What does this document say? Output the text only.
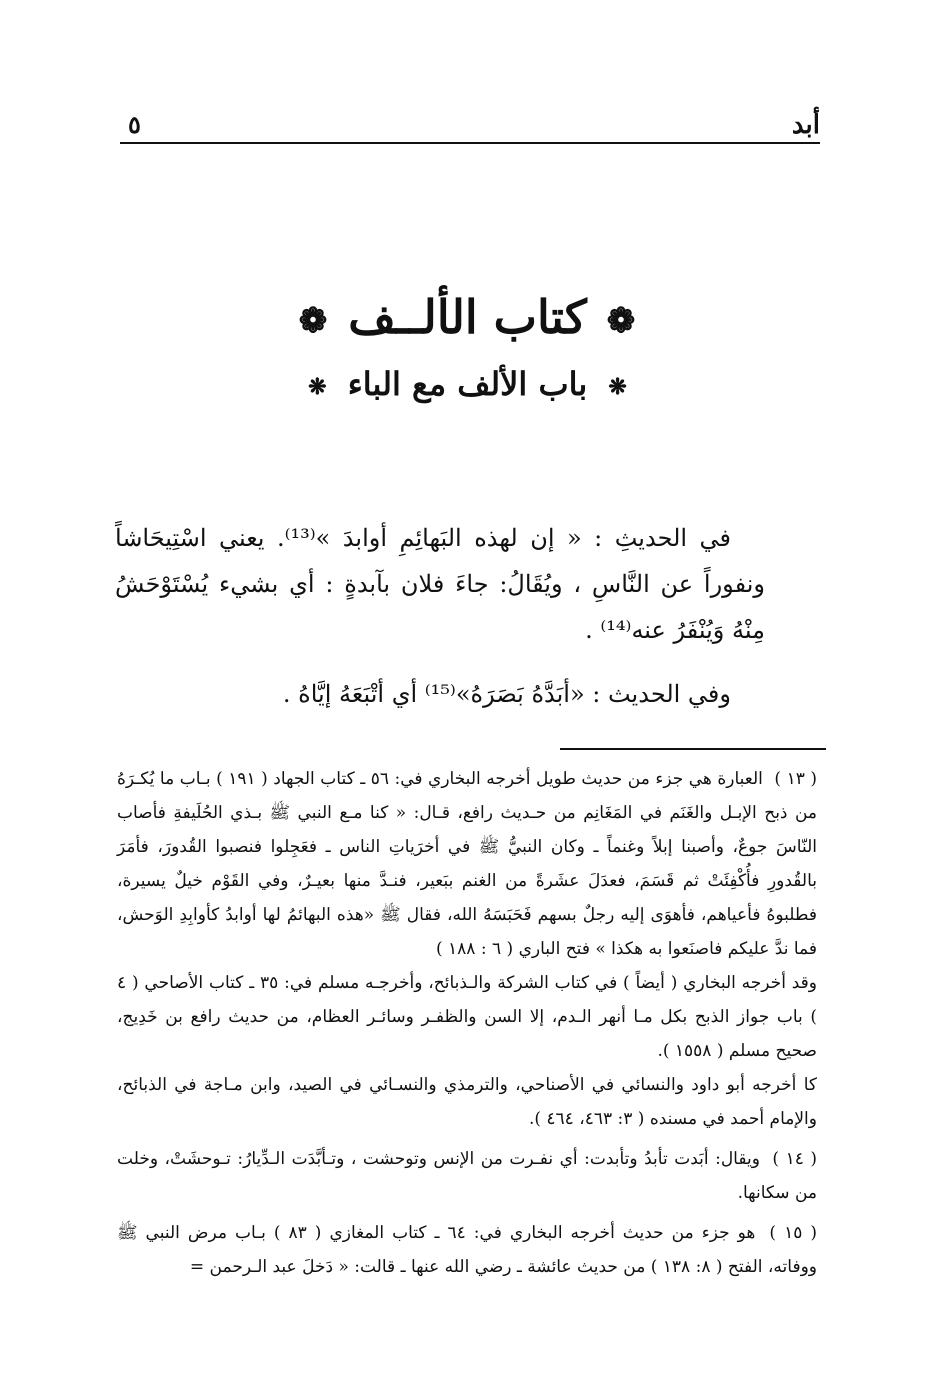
أبد
٥
❁ كتاب الألــف ❁
❋ باب الألف مع الباء ❋

في الحديثِ : « إن لهذه البَهائِمِ أوابدَ »⁽¹³⁾. يعني اسْتِيحَاشاً ونفوراً عن النَّاسِ ، ويُقَالُ: جاءَ فلان بآبدةٍ : أي بشيء يُسْتَوْحَشُ مِنْهُ وَيُنْفَرُ عنه⁽¹⁴⁾ .

وفي الحديث : «أبَدَّهُ بَصَرَهُ»⁽¹⁵⁾ أي أتْبَعَهُ إيَّاهُ .

( ١٣ ) العبارة هي جزء من حديث طويل أخرجه البخاري في: ٥٦ ـ كتاب الجهاد ( ١٩١ ) بـاب ما يُكـرَهُ من ذبح الإبـل والغَنَم في المَغَانِم من حـديث رافع، قـال: « كنا مـع النبي ﷺ بـذي الحُلَيفةِ فأصاب النّاسَ جوعٌ، وأصبنا إبلاً وغنماً ـ وكان النبيُّ ﷺ في أخرَياتِ الناس ـ فعَجِلوا فنصبوا القُدورَ، فأمَرَ بالقُدورِ فأُكْفِئَتْ ثم قَسَمَ، فعدَلَ عشَرةً من الغنم ببَعير، فنـدَّ منها بعيـرٌ، وفي القَوْم خيلٌ يسيرة، فطلبوهُ فأعياهم، فأهوَى إليه رجلٌ بسهم فَحَبَسَهُ الله، فقال ﷺ «هذه البهائمُ لها أوابدُ كأوابِدِ الوَحش، فما ندَّ عليكم فاصنَعوا به هكذا » فتح الباري ( ٦ : ١٨٨ )
وقد أخرجه البخاري ( أيضاً ) في كتاب الشركة والـذبائح، وأخرجـه مسلم في: ٣٥ ـ كتاب الأصاحي ( ٤ ) باب جواز الذبح بكل مـا أنهر الـدم، إلا السن والظفـر وسائـر العظام، من حديث رافع بن خَدِيج، صحيح مسلم ( ١٥٥٨ ).
كا أخرجه أبو داود والنسائي في الأصناحي، والترمذي والنسـائي في الصيد، وابن مـاجة في الذبائح، والإمام أحمد في مسنده ( ٣: ٤٦٣، ٤٦٤ ).
( ١٤ ) ويقال: أبَدت تأبدُ وتأبدت: أي نفـرت من الإنس وتوحشت ، وتـأبَّدَت الـدِّيارُ: تـوحشَتْ، وخلت من سكانها.
( ١٥ ) هو جزء من حديث أخرجه البخاري في: ٦٤ ـ كتاب المغازي ( ٨٣ ) بـاب مرض النبي ﷺ ووفاته، الفتح ( ٨: ١٣٨ ) من حديث عائشة ـ رضي الله عنها ـ قالت: « دَخلَ عبد الـرحمن =
